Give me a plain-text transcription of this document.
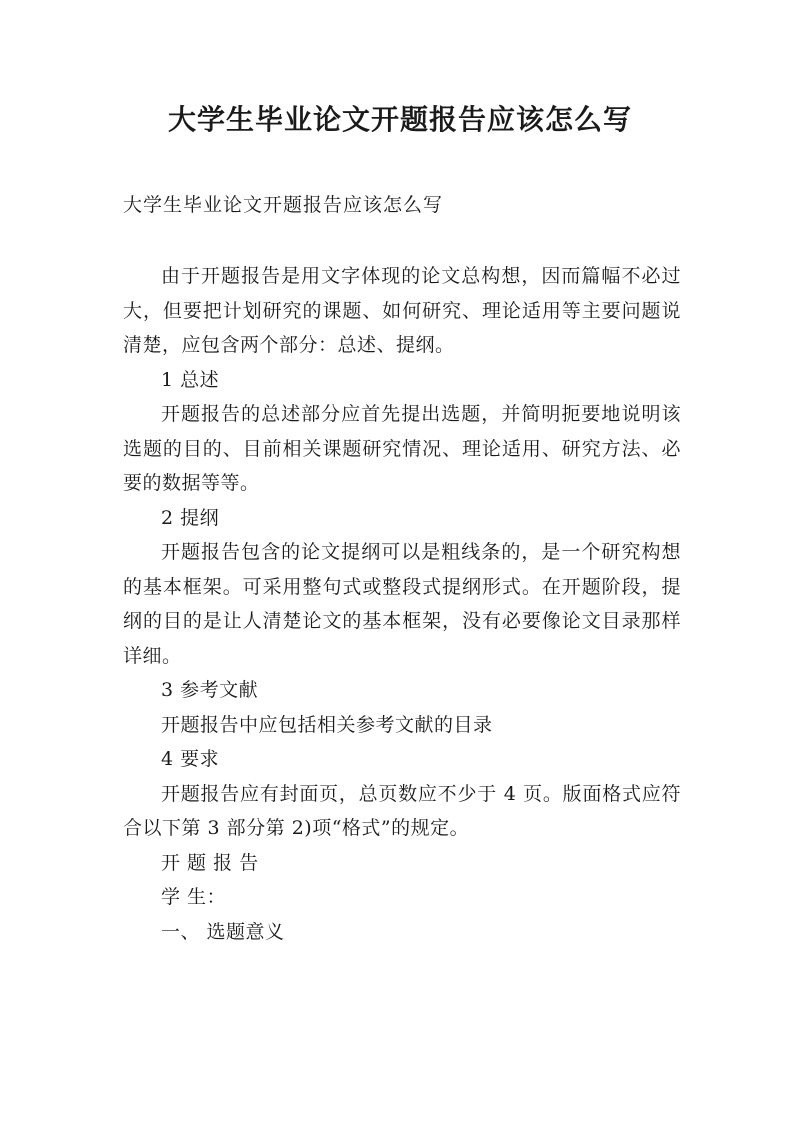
大学生毕业论文开题报告应该怎么写
大学生毕业论文开题报告应该怎么写

由于开题报告是用文字体现的论文总构想，因而篇幅不必过大，但要把计划研究的课题、如何研究、理论适用等主要问题说清楚，应包含两个部分：总述、提纲。

1 总述

开题报告的总述部分应首先提出选题，并简明扼要地说明该选题的目的、目前相关课题研究情况、理论适用、研究方法、必要的数据等等。

2 提纲

开题报告包含的论文提纲可以是粗线条的，是一个研究构想的基本框架。可采用整句式或整段式提纲形式。在开题阶段，提纲的目的是让人清楚论文的基本框架，没有必要像论文目录那样详细。

3 参考文献

开题报告中应包括相关参考文献的目录

4 要求

开题报告应有封面页，总页数应不少于 4 页。版面格式应符合以下第 3 部分第 2)项“格式”的规定。

开 题 报 告

学 生：

一、 选题意义
